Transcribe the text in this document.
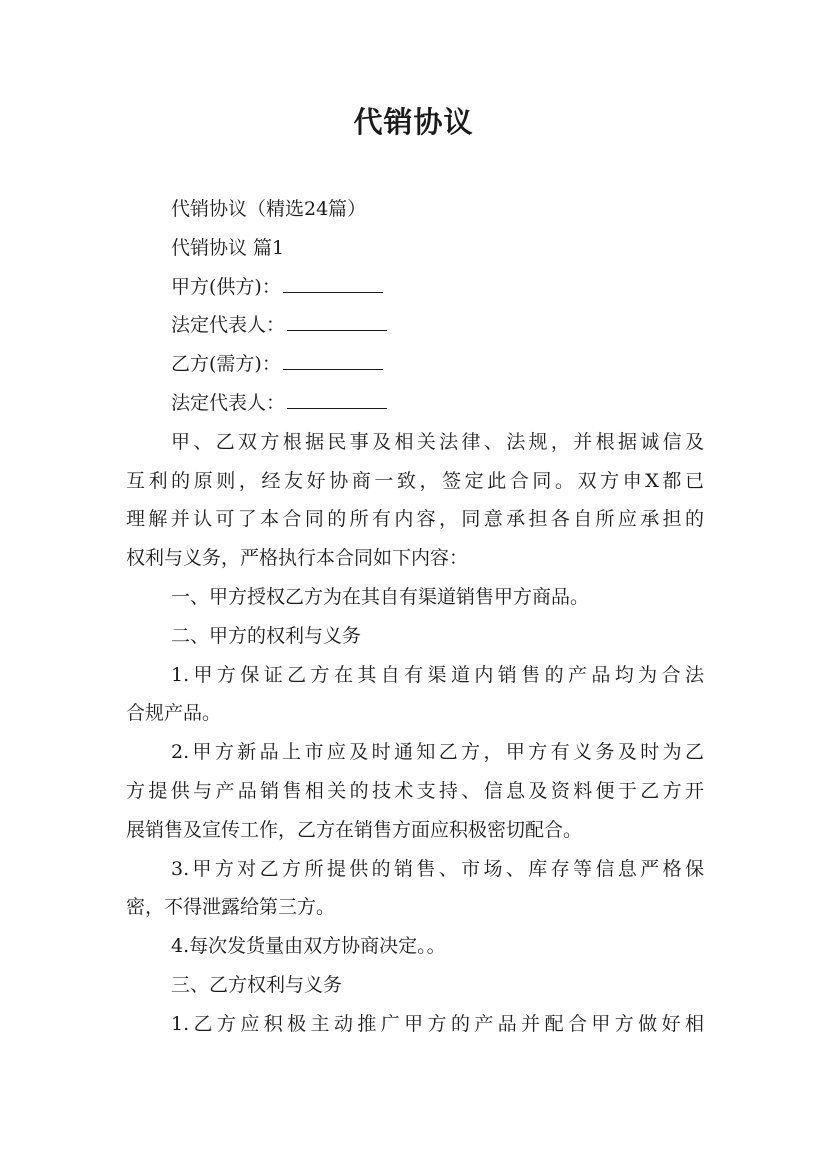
代销协议
代销协议（精选24篇）
代销协议 篇1
甲方(供方)：
法定代表人：
乙方(需方)：
法定代表人：
甲、乙双方根据民事及相关法律、法规，并根据诚信及
互利的原则，经友好协商一致，签定此合同。双方申X都已
理解并认可了本合同的所有内容，同意承担各自所应承担的
权利与义务，严格执行本合同如下内容：
一、甲方授权乙方为在其自有渠道销售甲方商品。
二、甲方的权利与义务
1.甲方保证乙方在其自有渠道内销售的产品均为合法
合规产品。
2.甲方新品上市应及时通知乙方，甲方有义务及时为乙
方提供与产品销售相关的技术支持、信息及资料便于乙方开
展销售及宣传工作，乙方在销售方面应积极密切配合。
3.甲方对乙方所提供的销售、市场、库存等信息严格保
密，不得泄露给第三方。
4.每次发货量由双方协商决定。。
三、乙方权利与义务
1.乙方应积极主动推广甲方的产品并配合甲方做好相
